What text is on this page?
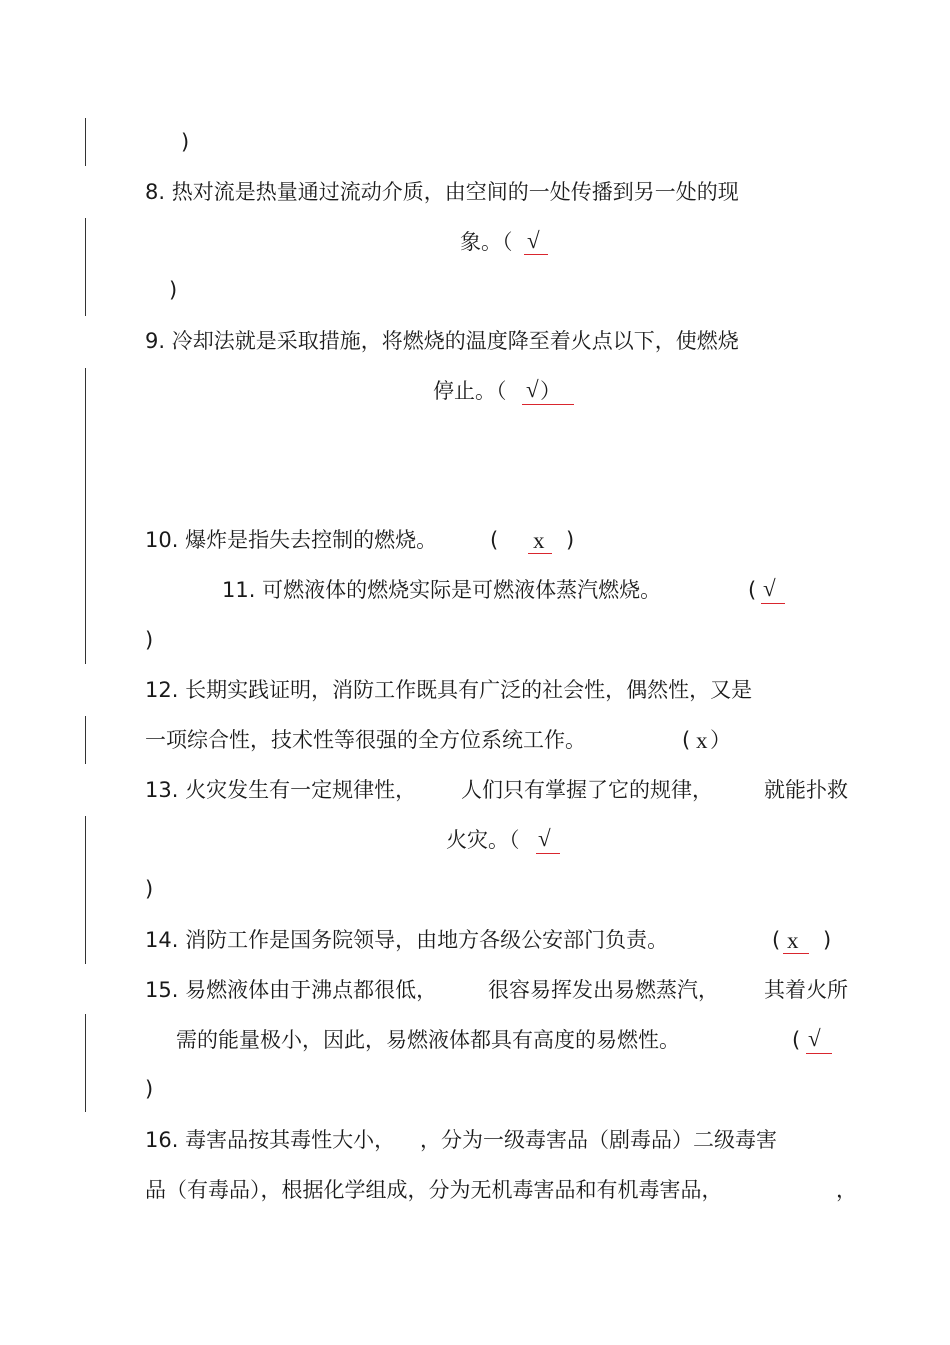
)
8. 热对流是热量通过流动介质，由空间的一处传播到另一处的现
象。（ √
)
9. 冷却法就是采取措施，将燃烧的温度降至着火点以下，使燃烧
停止。（ √ ）
10. 爆炸是指失去控制的燃烧。	( x )
11. 可燃液体的燃烧实际是可燃液体蒸汽燃烧。	( √
)
12. 长期实践证明，消防工作既具有广泛的社会性，偶然性，又是
一项综合性，技术性等很强的全方位系统工作。	( x ）
13. 火灾发生有一定规律性， 人们只有掌握了它的规律， 就能扑救
火灾。（ √
)
14. 消防工作是国务院领导，由地方各级公安部门负责。	( x )
15. 易燃液体由于沸点都很低， 很容易挥发出易燃蒸汽， 其着火所
需的能量极小，因此，易燃液体都具有高度的易燃性。	( √
)
16. 毒害品按其毒性大小， ，分为一级毒害品（剧毒品）二级毒害
品（有毒品），根据化学组成，分为无机毒害品和有机毒害品，	，
